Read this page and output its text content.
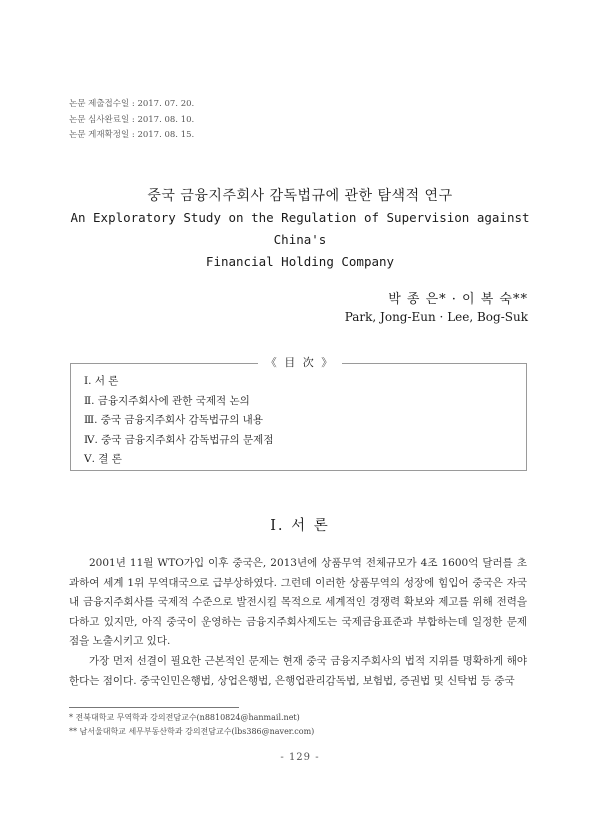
논문 제출접수일 : 2017. 07. 20.
논문 심사완료일 : 2017. 08. 10.
논문 게재확정일 : 2017. 08. 15.
중국 금융지주회사 감독법규에 관한 탐색적 연구
An Exploratory Study on the Regulation of Supervision against China's
Financial Holding Company
박 종 은* · 이 복 숙**
Park, Jong-Eun · Lee, Bog-Suk
《 目 次 》
Ⅰ. 서 론
Ⅱ. 금융지주회사에 관한 국제적 논의
Ⅲ. 중국 금융지주회사 감독법규의 내용
Ⅳ. 중국 금융지주회사 감독법규의 문제점
Ⅴ. 결 론
Ⅰ. 서 론
2001년 11월 WTO가입 이후 중국은, 2013년에 상품무역 전체규모가 4조 1600억 달러를 초과하여 세계 1위 무역대국으로 급부상하였다. 그런데 이러한 상품무역의 성장에 힘입어 중국은 자국 내 금융지주회사를 국제적 수준으로 발전시킬 목적으로 세계적인 경쟁력 확보와 제고를 위해 전력을 다하고 있지만, 아직 중국이 운영하는 금융지주회사제도는 국제금융표준과 부합하는데 일정한 문제점을 노출시키고 있다.
가장 먼저 선결이 필요한 근본적인 문제는 현재 중국 금융지주회사의 법적 지위를 명확하게 해야 한다는 점이다. 중국인민은행법, 상업은행법, 은행업관리감독법, 보험법, 증권법 및 신탁법 등 중국
* 전북대학교 무역학과 강의전담교수(n8810824@hanmail.net)
** 남서울대학교 세무부동산학과 강의전담교수(lbs386@naver.com)
- 129 -
